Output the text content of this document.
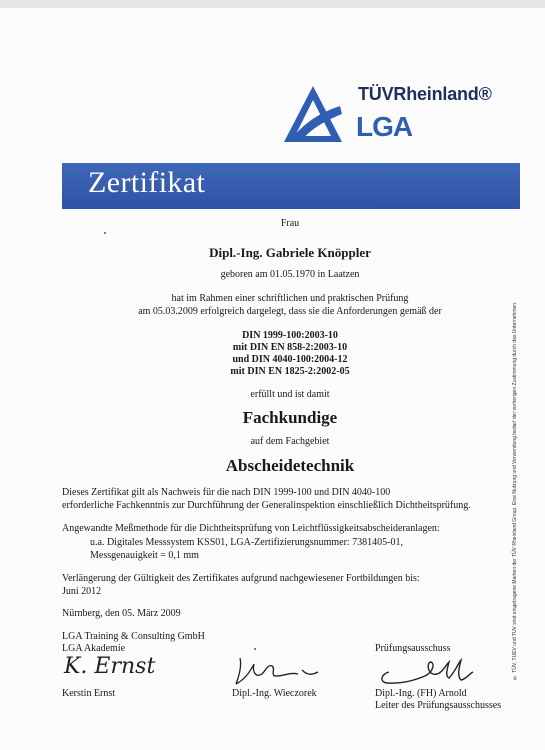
TÜVRheinland®
LGA
Zertifikat
Frau
Dipl.-Ing. Gabriele Knöppler
geboren am 01.05.1970 in Laatzen
hat im Rahmen einer schriftlichen und praktischen Prüfung
am 05.03.2009 erfolgreich dargelegt, dass sie die Anforderungen gemäß der
DIN 1999-100:2003-10
mit DIN EN 858-2:2003-10
und DIN 4040-100:2004-12
mit DIN EN 1825-2:2002-05
erfüllt und ist damit
Fachkundige
auf dem Fachgebiet
Abscheidetechnik
Dieses Zertifikat gilt als Nachweis für die nach DIN 1999-100 und DIN 4040-100
erforderliche Fachkenntnis zur Durchführung der Generalinspektion einschließlich Dichtheitsprüfung.
Angewandte Meßmethode für die Dichtheitsprüfung von Leichtflüssigkeitsabscheideranlagen:
u.a. Digitales Messsystem KSS01, LGA-Zertifizierungsnummer: 7381405-01,
Messgenauigkeit = 0,1 mm
Verlängerung der Gültigkeit des Zertifikates aufgrund nachgewiesener Fortbildungen bis:
Juni 2012
Nürnberg, den 05. März 2009
LGA Training & Consulting GmbH
LGA Akademie	Prüfungsausschuss
K. Ernst
Kerstin Ernst	Dipl.-Ing. Wieczorek	Dipl.-Ing. (FH) Arnold
Leiter des Prüfungsausschusses
® TÜV, TUEV und TUV sind eingetragene Marken der TÜV Rheinland Group. Eine Nutzung und Verwendung bedarf der vorherigen Zustimmung durch das Unternehmen.
